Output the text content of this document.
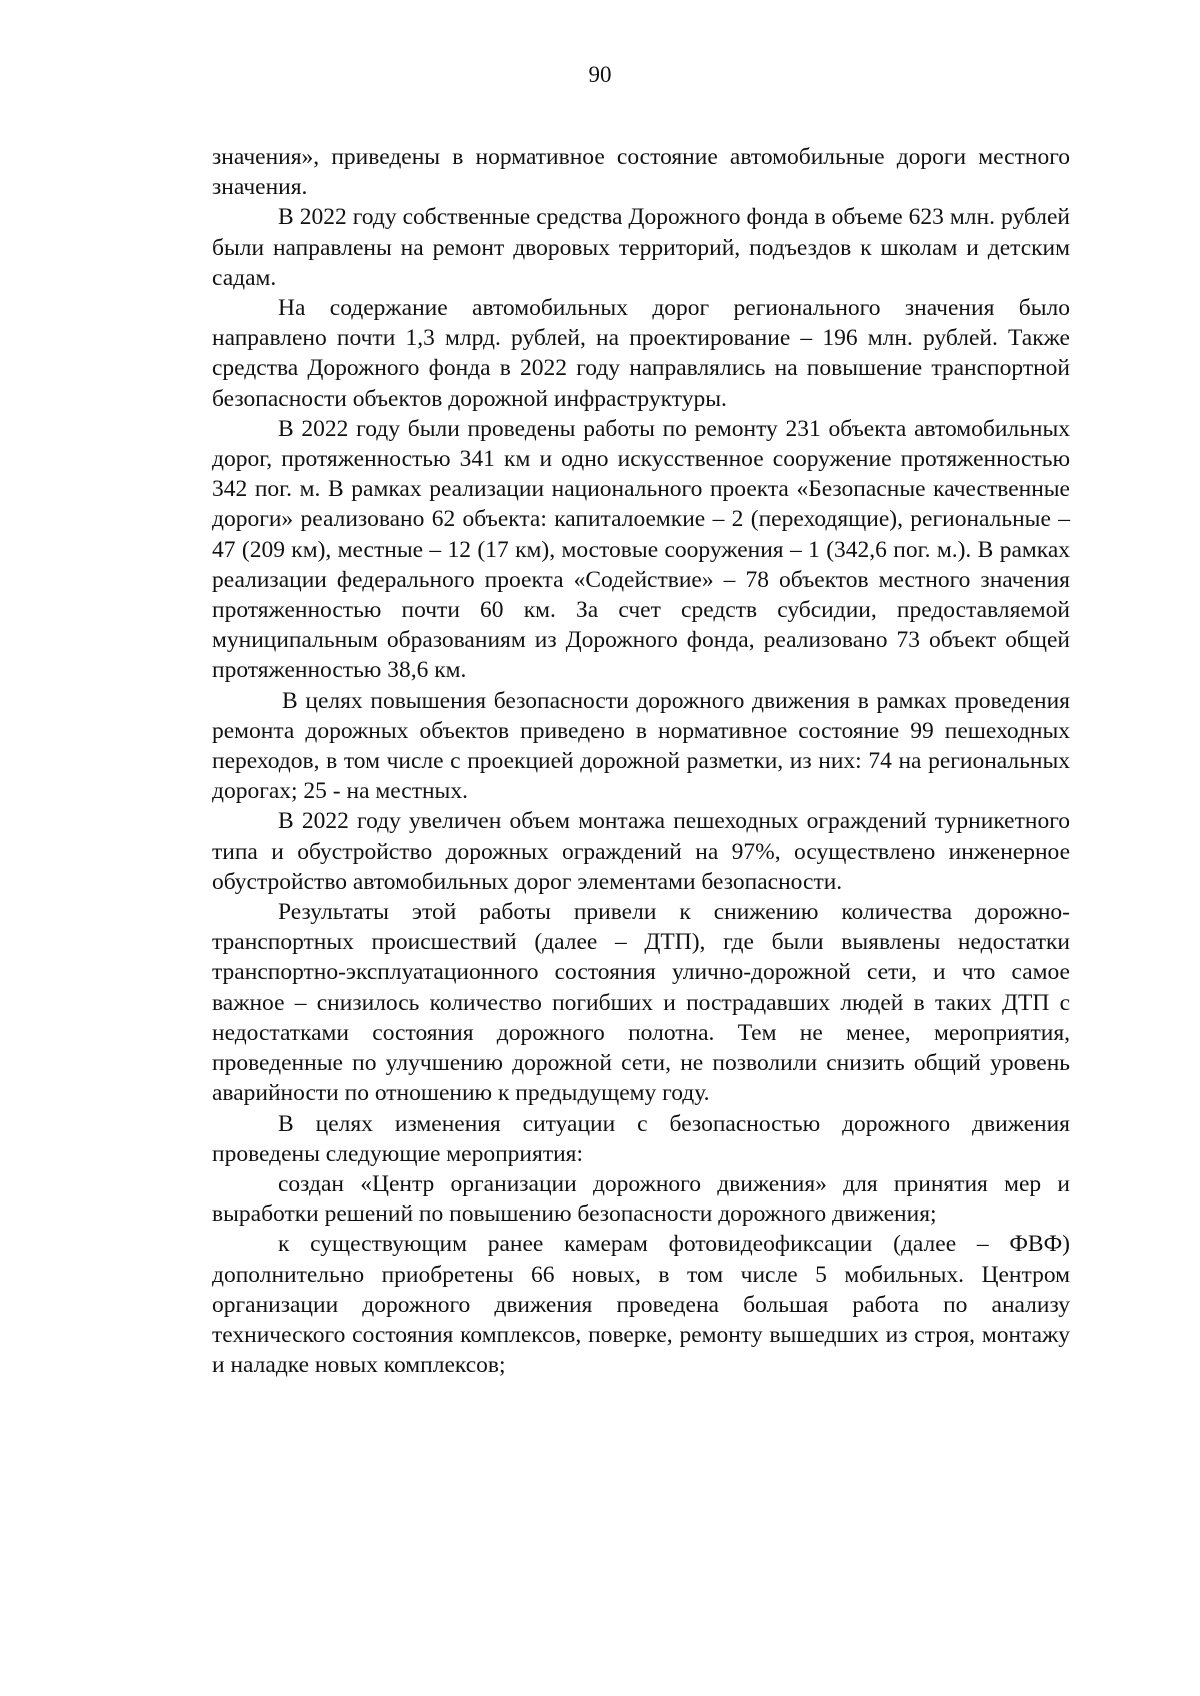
90

значения», приведены в нормативное состояние автомобильные дороги местного значения.

В 2022 году собственные средства Дорожного фонда в объеме 623 млн. рублей были направлены на ремонт дворовых территорий, подъездов к школам и детским садам.

На содержание автомобильных дорог регионального значения было направлено почти 1,3 млрд. рублей, на проектирование – 196 млн. рублей. Также средства Дорожного фонда в 2022 году направлялись на повышение транспортной безопасности объектов дорожной инфраструктуры.

В 2022 году были проведены работы по ремонту 231 объекта автомобильных дорог, протяженностью 341 км и одно искусственное сооружение протяженностью 342 пог. м. В рамках реализации национального проекта «Безопасные качественные дороги» реализовано 62 объекта: капиталоемкие – 2 (переходящие), региональные – 47 (209 км), местные – 12 (17 км), мостовые сооружения – 1 (342,6 пог. м.). В рамках реализации федерального проекта «Содействие» – 78 объектов местного значения протяженностью почти 60 км. За счет средств субсидии, предоставляемой муниципальным образованиям из Дорожного фонда, реализовано 73 объект общей протяженностью 38,6 км.

В целях повышения безопасности дорожного движения в рамках проведения ремонта дорожных объектов приведено в нормативное состояние 99 пешеходных переходов, в том числе с проекцией дорожной разметки, из них: 74 на региональных дорогах; 25 - на местных.

В 2022 году увеличен объем монтажа пешеходных ограждений турникетного типа и обустройство дорожных ограждений на 97%, осуществлено инженерное обустройство автомобильных дорог элементами безопасности.

Результаты этой работы привели к снижению количества дорожно-транспортных происшествий (далее – ДТП), где были выявлены недостатки транспортно-эксплуатационного состояния улично-дорожной сети, и что самое важное – снизилось количество погибших и пострадавших людей в таких ДТП с недостатками состояния дорожного полотна. Тем не менее, мероприятия, проведенные по улучшению дорожной сети, не позволили снизить общий уровень аварийности по отношению к предыдущему году.

В целях изменения ситуации с безопасностью дорожного движения проведены следующие мероприятия:

создан «Центр организации дорожного движения» для принятия мер и выработки решений по повышению безопасности дорожного движения;

к существующим ранее камерам фотовидеофиксации (далее – ФВФ) дополнительно приобретены 66 новых, в том числе 5 мобильных. Центром организации дорожного движения проведена большая работа по анализу технического состояния комплексов, поверке, ремонту вышедших из строя, монтажу и наладке новых комплексов;
